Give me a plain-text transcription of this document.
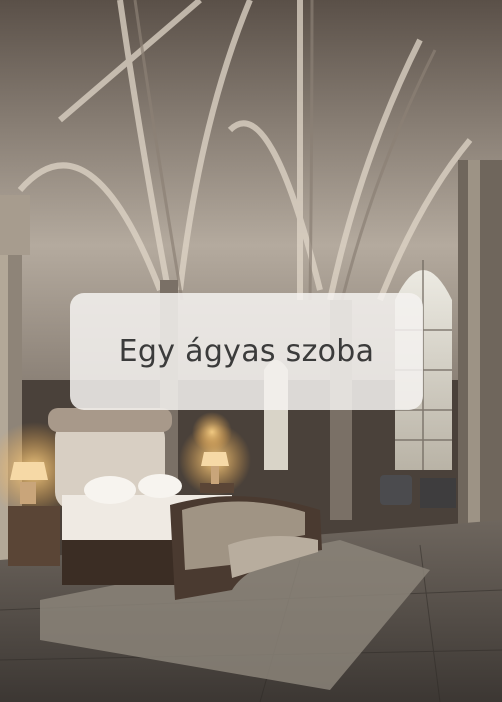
Egy ágyas szoba
